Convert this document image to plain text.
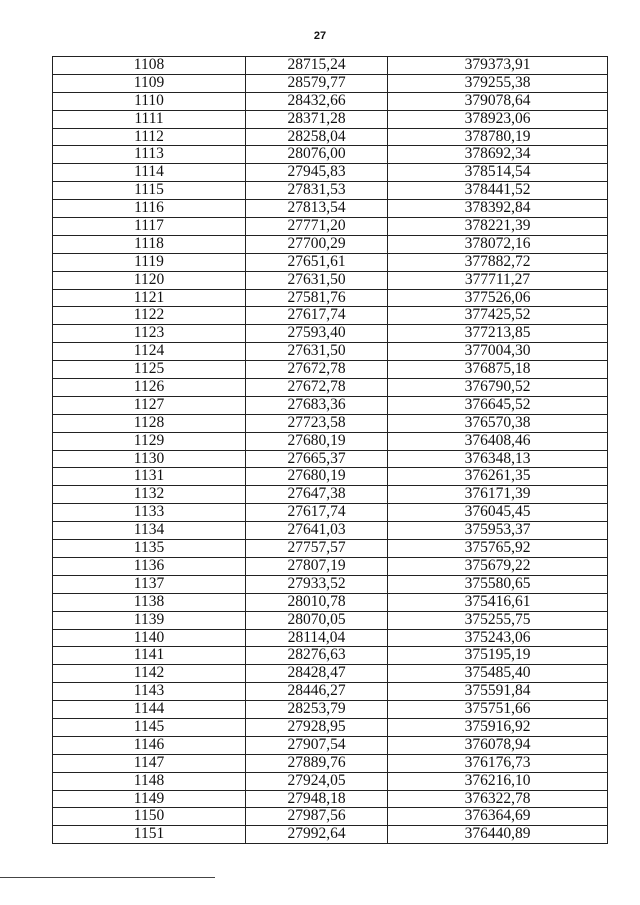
27
1108	28715,24	379373,91
1109	28579,77	379255,38
1110	28432,66	379078,64
1111	28371,28	378923,06
1112	28258,04	378780,19
1113	28076,00	378692,34
1114	27945,83	378514,54
1115	27831,53	378441,52
1116	27813,54	378392,84
1117	27771,20	378221,39
1118	27700,29	378072,16
1119	27651,61	377882,72
1120	27631,50	377711,27
1121	27581,76	377526,06
1122	27617,74	377425,52
1123	27593,40	377213,85
1124	27631,50	377004,30
1125	27672,78	376875,18
1126	27672,78	376790,52
1127	27683,36	376645,52
1128	27723,58	376570,38
1129	27680,19	376408,46
1130	27665,37	376348,13
1131	27680,19	376261,35
1132	27647,38	376171,39
1133	27617,74	376045,45
1134	27641,03	375953,37
1135	27757,57	375765,92
1136	27807,19	375679,22
1137	27933,52	375580,65
1138	28010,78	375416,61
1139	28070,05	375255,75
1140	28114,04	375243,06
1141	28276,63	375195,19
1142	28428,47	375485,40
1143	28446,27	375591,84
1144	28253,79	375751,66
1145	27928,95	375916,92
1146	27907,54	376078,94
1147	27889,76	376176,73
1148	27924,05	376216,10
1149	27948,18	376322,78
1150	27987,56	376364,69
1151	27992,64	376440,89
